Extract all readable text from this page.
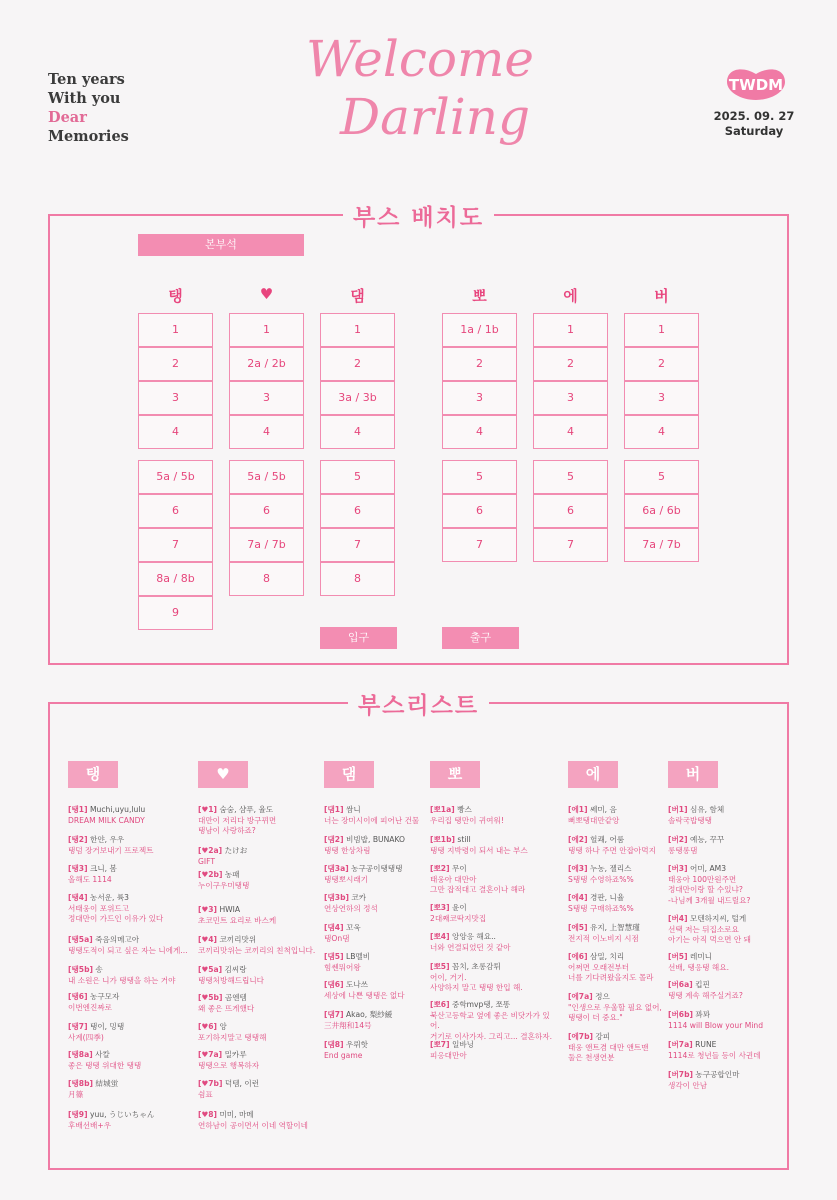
Ten years
With you
Dear
Memories
Welcome
Darling
TWDM
2025. 09. 27
Saturday
부스 배치도
본부석
탱
1
2
3
4
5a / 5b
6
7
8a / 8b
9
♥
1
2a / 2b
3
4
5a / 5b
6
7a / 7b
8
댐
1
2
3a / 3b
4
5
6
7
8
뽀
1a / 1b
2
3
4
5
6
7
에
1
2
3
4
5
6
7
버
1
2
3
4
5
6a / 6b
7a / 7b
입구	출구
부스리스트
탱
[탱1] Muchi,uyu,lulu
DREAM MILK CANDY
[탱2] 한얀, 우우
탱덤 장거보내기 프로젝트
[탱3] 크니, 봄
올해도 1114
[탱4] 농서운, 륙3
서태웅이 포위드고
정대만이 가드인 이유가 있다
[탱5a] 죽음의메고아
탱탱도적이 되고 싶은 자는 니에게...
[탱5b] 송
내 소원은 니가 탱탱을 하는 거야
[탱6] 농구모자
이번엔진짜로
[탱7] 탱이, 밍탱
사계(四季)
[탱8a] 사칼
좋은 탱탱 위대한 탱탱
[탱8b] 結城蛍
月篠
[탱9] yuu, うじいちゃん
후배선배+우
♥
[♥1] 숨숨, 샴푸, 율도
대만이 저리다 방구뀌면
탱남이 사랑하죠?
[♥2a] たけお
GIFT
[♥2b] 농패
누이구우미탱탱
[♥3] HWIA
초코민트 요리로 바스케
[♥4] 코끼리맛위
코끼리맛위는 코끼리의 친척입니다.
[♥5a] 김씨랑
탱탱처방해드립니다
[♥5b] 곰엔템
왜 좋은 뜨게했다
[♥6] 앙
포기하지말고 탱탱해
[♥7a] 밀카루
탱탱으로 행복하자
[♥7b] 덕템, 이런
쉼표
[♥8] 미미, 마메
연하남이 공이면서 이네 역할이네
댐
[댐1] 쌈니
너는 장미시이에 피어난 건물
[댐2] 비빔밥, BUNAKO
탱탱 한상차림
[댐3a] 농구공이탱탱탱
탱탱뽀시래기
[댐3b] 코카
연상연하의 정석
[댐4] 꼬욱
탱On댐
[댐5] LB멜비
힘쎈뭐어왕
[댐6] 도나쓰
세상에 나쁜 탱탱은 없다
[댐7] Akao, 梨紗緩
三井翔和14号
[댐8] 우뤼핫
End game
뽀
[뽀1a] 빵스
우리집 탱만이 귀여워!
[뽀1b] still
탱탱 지박령이 되서 내는 부스
[뽀2] 무이
태웅아 대만아
그만 잡적대고 결혼이나 해라
[뽀3] 윤이
2대째코딱지맛집
[뽀4] 앙앙응 해요..
너와 연결되었던 것 같아
[뽀5] 꼼치, 초롱감튀
어이, 거기.
사양하지 말고 탱탱 한입 해.
[뽀6] 중학mvp탱, 쪼똥
북산고등학교 옆에 좋은 비닷가가 있어.
거기로 이사가자. 그리고... 결혼하자.
[뽀7] 일바닝
피옹대만아
에
[에1] 쎄미, 음
뻐뽀탱대만같앙
[에2] 헐쾌, 어룸
탱탱 하나 주면 안잡아먹지
[에3] 누농, 젤리스
S탱탱 수영하죠%%
[에4] 경판, 니율
S탱탱 구매하죠%%
[에5] 유지, 上智慧瑾
전지적 이노비지 시점
[에6] 삼밀, 치리
어쩌면 오래전부터
너를 기다려왔을지도 몰라
[에7a] 정으
"인생으로 우울할 필요 없어,
탱탱이 더 중요."
[에7b] 강피
태웅 앤트겸 대만 앤트맨
둘은 천생연분
버
[버1] 심유, 함체
솔락국밥탱탱
[버2] 예능, 꾸꾸
롱탱롱댐
[버3] 어미, AM3
태웅아 100만원주면
정대만이랑 할 수있냐?
-나님께 3개월 내드릴요?
[버4] 모텐하지씨, 털게
선택 저는 뒤집소로요
아기는 아직 먹으면 안 돼
[버5] 레미니
선배, 탱응탱 해요.
[버6a] 킵핀
탱탱 계속 해주실거죠?
[버6b] 꽈꽈
1114 will Blow your Mind
[버7a] RUNE
1114로 청년들 등이 사귄데
[버7b] 농구공합인마
생각이 안남
